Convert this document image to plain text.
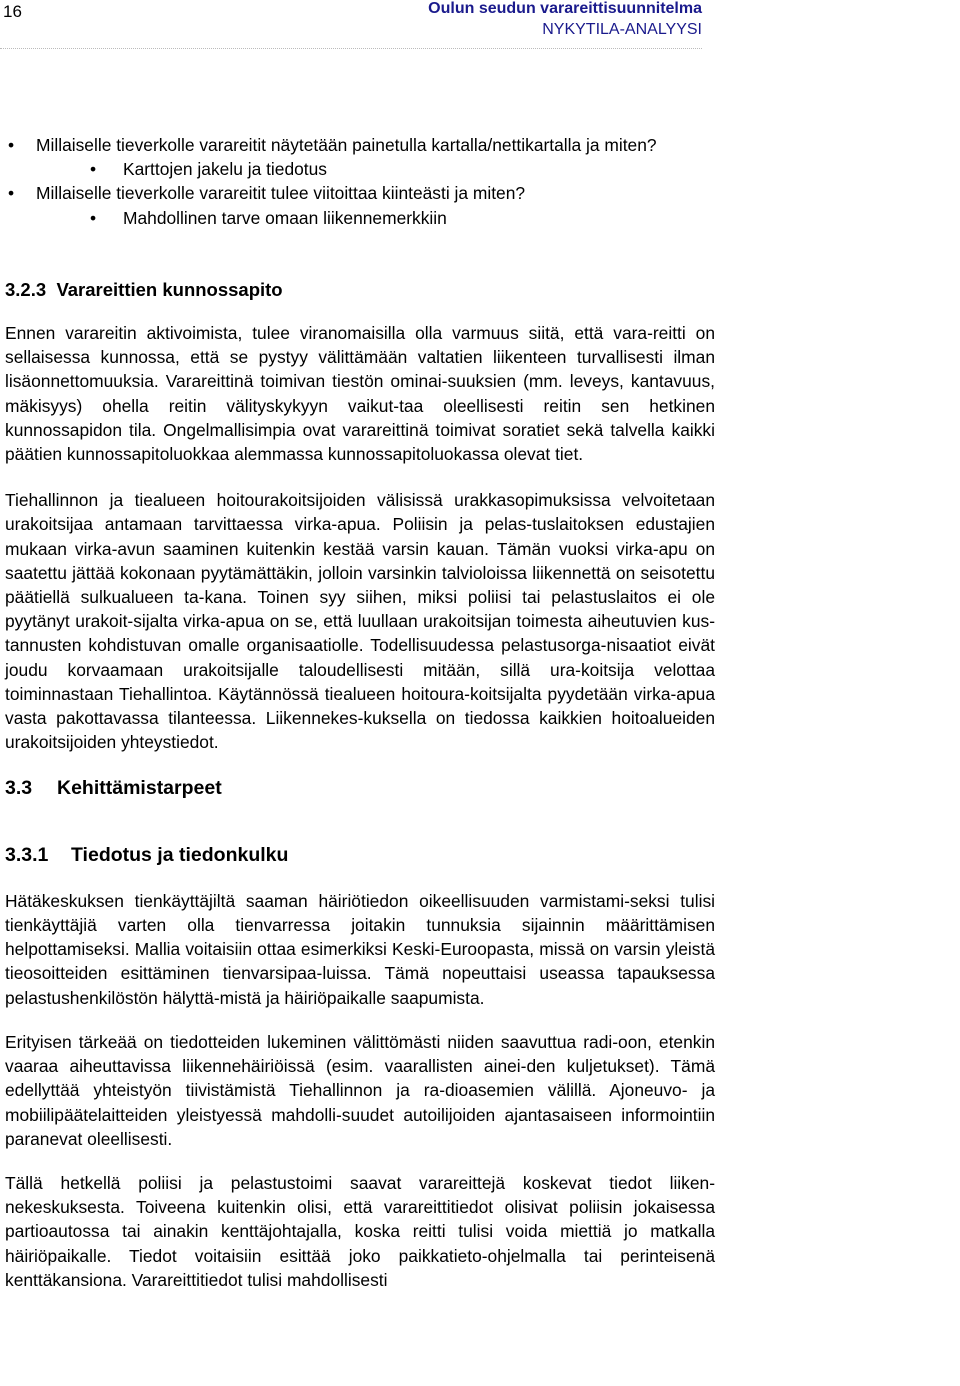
16	Oulun seudun varareittisuunnitelma
NYKYTILA-ANALYYSI
• Millaiselle tieverkolle varareitit näytetään painetulla kartalla/nettikartalla ja miten?
• Karttojen jakelu ja tiedotus
• Millaiselle tieverkolle varareitit tulee viitoittaa kiinteästi ja miten?
• Mahdollinen tarve omaan liikennemerkkiin
3.2.3 Varareittien kunnossapito

Ennen varareitin aktivoimista, tulee viranomaisilla olla varmuus siitä, että vara-reitti on sellaisessa kunnossa, että se pystyy välittämään valtatien liikenteen turvallisesti ilman lisäonnettomuuksia. Varareittinä toimivan tiestön ominai-suuksien (mm. leveys, kantavuus, mäkisyys) ohella reitin välityskykyyn vaikut-taa oleellisesti reitin sen hetkinen kunnossapidon tila. Ongelmallisimpia ovat varareittinä toimivat soratiet sekä talvella kaikki päätien kunnossapitoluokkaa alemmassa kunnossapitoluokassa olevat tiet.

Tiehallinnon ja tiealueen hoitourakoitsijoiden välisissä urakkasopimuksissa velvoitetaan urakoitsijaa antamaan tarvittaessa virka-apua. Poliisin ja pelas-tuslaitoksen edustajien mukaan virka-avun saaminen kuitenkin kestää varsin kauan. Tämän vuoksi virka-apu on saatettu jättää kokonaan pyytämättäkin, jolloin varsinkin talviolоissa liikennettä on seisotettu päätiellä sulkualueen ta-kana. Toinen syy siihen, miksi poliisi tai pelastuslaitos ei ole pyytänyt urakoit-sijalta virka-apua on se, että luullaan urakoitsijan toimesta aiheutuvien kus-tannusten kohdistuvan omalle organisaatiolle. Todellisuudessa pelastusorga-nisaatiot eivät joudu korvaamaan urakoitsijalle taloudellisesti mitään, sillä ura-koitsija velottaa toiminnastaan Tiehallintoa. Käytännössä tiealueen hoitoura-koitsijalta pyydetään virka-apua vasta pakottavassa tilanteessa. Liikennekes-kuksella on tiedossa kaikkien hoitoalueiden urakoitsijoiden yhteystiedot.

3.3 Kehittämistarpeet
3.3.1 Tiedotus ja tiedonkulku

Hätäkeskuksen tienkäyttäjiltä saaman häiriötiedon oikeellisuuden varmistami-seksi tulisi tienkäyttäjiä varten olla tienvarressa joitakin tunnuksia sijainnin määrittämisen helpottamiseksi. Mallia voitaisiin ottaa esimerkiksi Keski-Euroopasta, missä on varsin yleistä tieosoitteiden esittäminen tienvarsipaa-luissa. Tämä nopeuttaisi useassa tapauksessa pelastushenkilöstön hälyttä-mistä ja häiriöpaikalle saapumista.

Erityisen tärkeää on tiedotteiden lukeminen välittömästi niiden saavuttua radi-oon, etenkin vaaraa aiheuttavissa liikennehäiriöissä (esim. vaarallisten ainei-den kuljetukset). Tämä edellyttää yhteistyön tiivistämistä Tiehallinnon ja ra-dioasemien välillä. Ajoneuvo- ja mobiilipäätelaitteiden yleistyessä mahdolli-suudet autoilijoiden ajantasaiseen informointiin paranevat oleellisesti.

Tällä hetkellä poliisi ja pelastustoimi saavat varareittejä koskevat tiedot liiken-nekeskuksesta. Toiveena kuitenkin olisi, että varareittitiedot olisivat poliisin jokaisessa partioautossa tai ainakin kenttäjohtajalla, koska reitti tulisi voida miettiä jo matkalla häiriöpaikalle. Tiedot voitaisiin esittää joko paikkatieto-ohjelmalla tai perinteisenä kenttäkansiona. Varareittitiedot tulisi mahdollisesti
